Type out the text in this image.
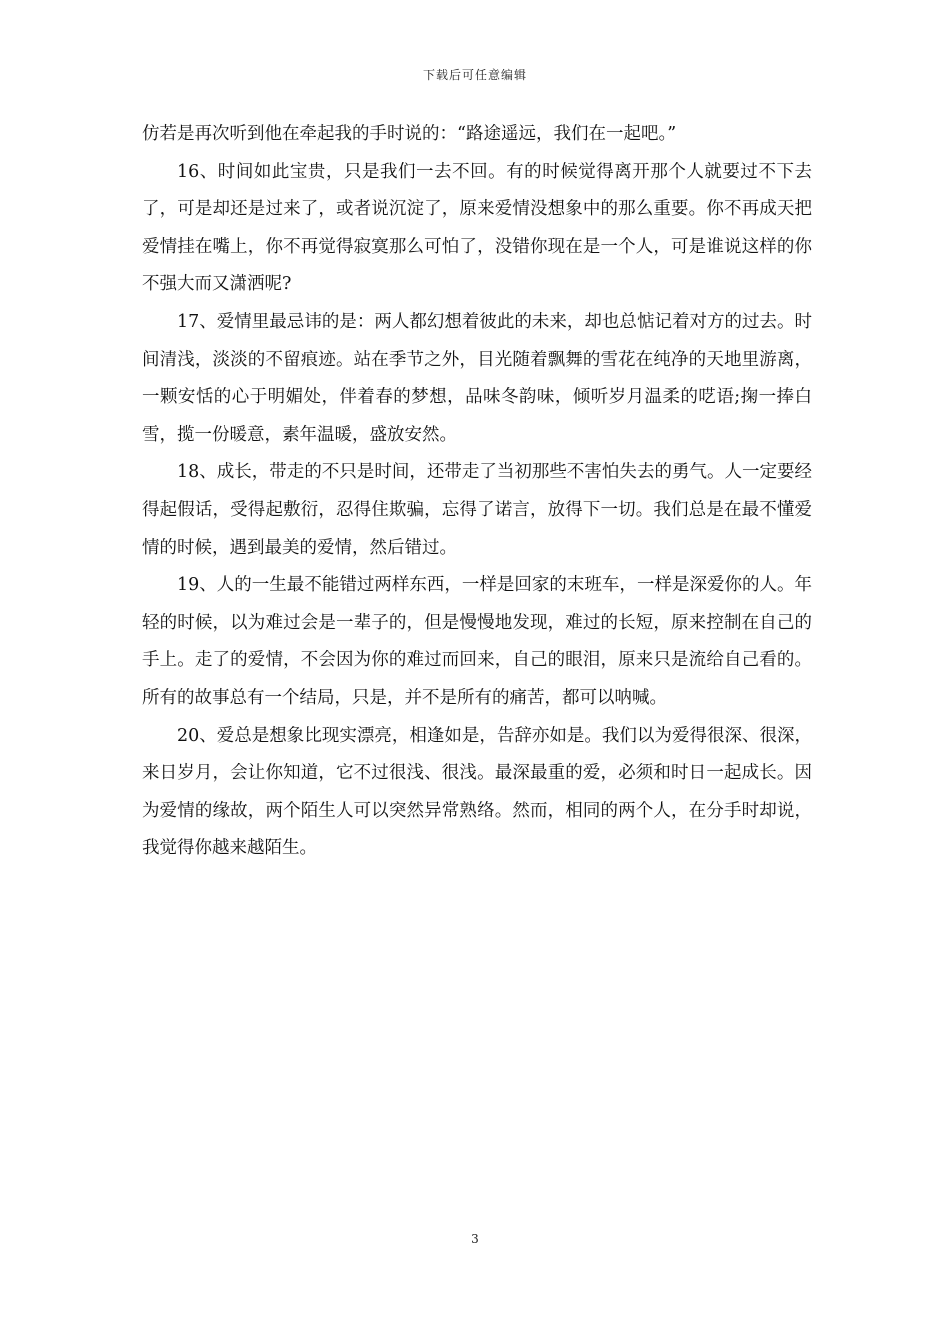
下载后可任意编辑

仿若是再次听到他在牵起我的手时说的：“路途遥远，我们在一起吧。”

16、时间如此宝贵，只是我们一去不回。有的时候觉得离开那个人就要过不下去了，可是却还是过来了，或者说沉淀了，原来爱情没想象中的那么重要。你不再成天把爱情挂在嘴上，你不再觉得寂寞那么可怕了，没错你现在是一个人，可是谁说这样的你不强大而又潇洒呢?

17、爱情里最忌讳的是：两人都幻想着彼此的未来，却也总惦记着对方的过去。时间清浅，淡淡的不留痕迹。站在季节之外，目光随着飘舞的雪花在纯净的天地里游离，一颗安恬的心于明媚处，伴着春的梦想，品味冬韵味，倾听岁月温柔的呓语;掬一捧白雪，揽一份暖意，素年温暖，盛放安然。

18、成长，带走的不只是时间，还带走了当初那些不害怕失去的勇气。人一定要经得起假话，受得起敷衍，忍得住欺骗，忘得了诺言，放得下一切。我们总是在最不懂爱情的时候，遇到最美的爱情，然后错过。

19、人的一生最不能错过两样东西，一样是回家的末班车，一样是深爱你的人。年轻的时候，以为难过会是一辈子的，但是慢慢地发现，难过的长短，原来控制在自己的手上。走了的爱情，不会因为你的难过而回来，自己的眼泪，原来只是流给自己看的。所有的故事总有一个结局，只是，并不是所有的痛苦，都可以呐喊。

20、爱总是想象比现实漂亮，相逢如是，告辞亦如是。我们以为爱得很深、很深，来日岁月，会让你知道，它不过很浅、很浅。最深最重的爱，必须和时日一起成长。因为爱情的缘故，两个陌生人可以突然异常熟络。然而，相同的两个人，在分手时却说，我觉得你越来越陌生。

3
